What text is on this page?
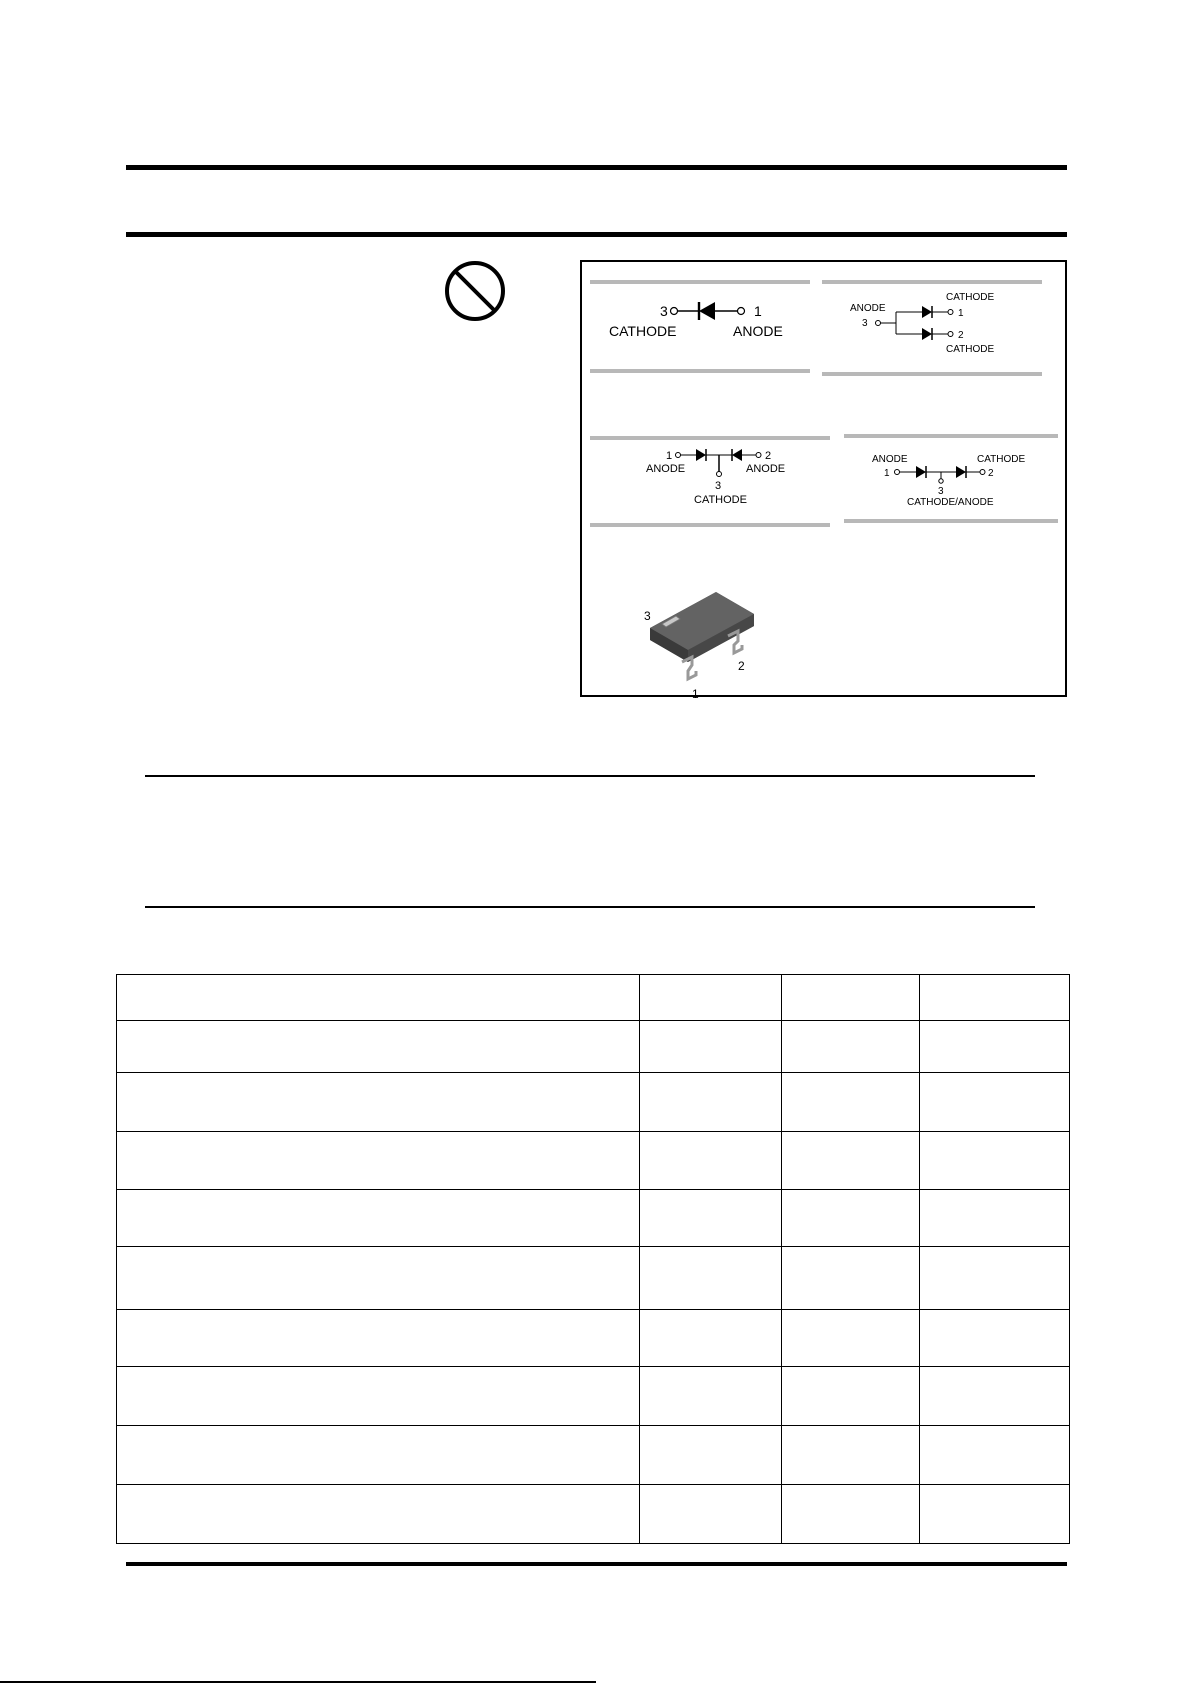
3
CATHODE
1
ANODE
ANODE
3
CATHODE
1
2
CATHODE
1	2
ANODE	ANODE
3
CATHODE
ANODE
1	2
CATHODE
3
CATHODE/ANODE
3
2
1
